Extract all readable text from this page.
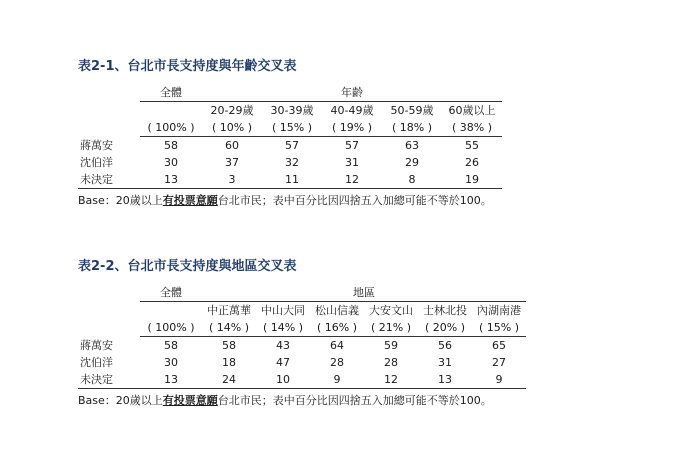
表2-1、台北市長支持度與年齡交叉表
	全體	年齡				
		20-29歲	30-39歲	40-49歲	50-59歲	60歲以上
	( 100% )	( 10% )	( 15% )	( 19% )	( 18% )	( 38% )
蔣萬安	58	60	57	57	63	55
沈伯洋	30	37	32	31	29	26
未決定	13	3	11	12	8	19
Base：20歲以上有投票意願台北市民；表中百分比因四捨五入加總可能不等於100。
表2-2、台北市長支持度與地區交叉表
	全體	地區					
		中正萬華	中山大同	松山信義	大安文山	士林北投	內湖南港
	( 100% )	( 14% )	( 14% )	( 16% )	( 21% )	( 20% )	( 15% )
蔣萬安	58	58	43	64	59	56	65
沈伯洋	30	18	47	28	28	31	27
未決定	13	24	10	9	12	13	9
Base：20歲以上有投票意願台北市民；表中百分比因四捨五入加總可能不等於100。
